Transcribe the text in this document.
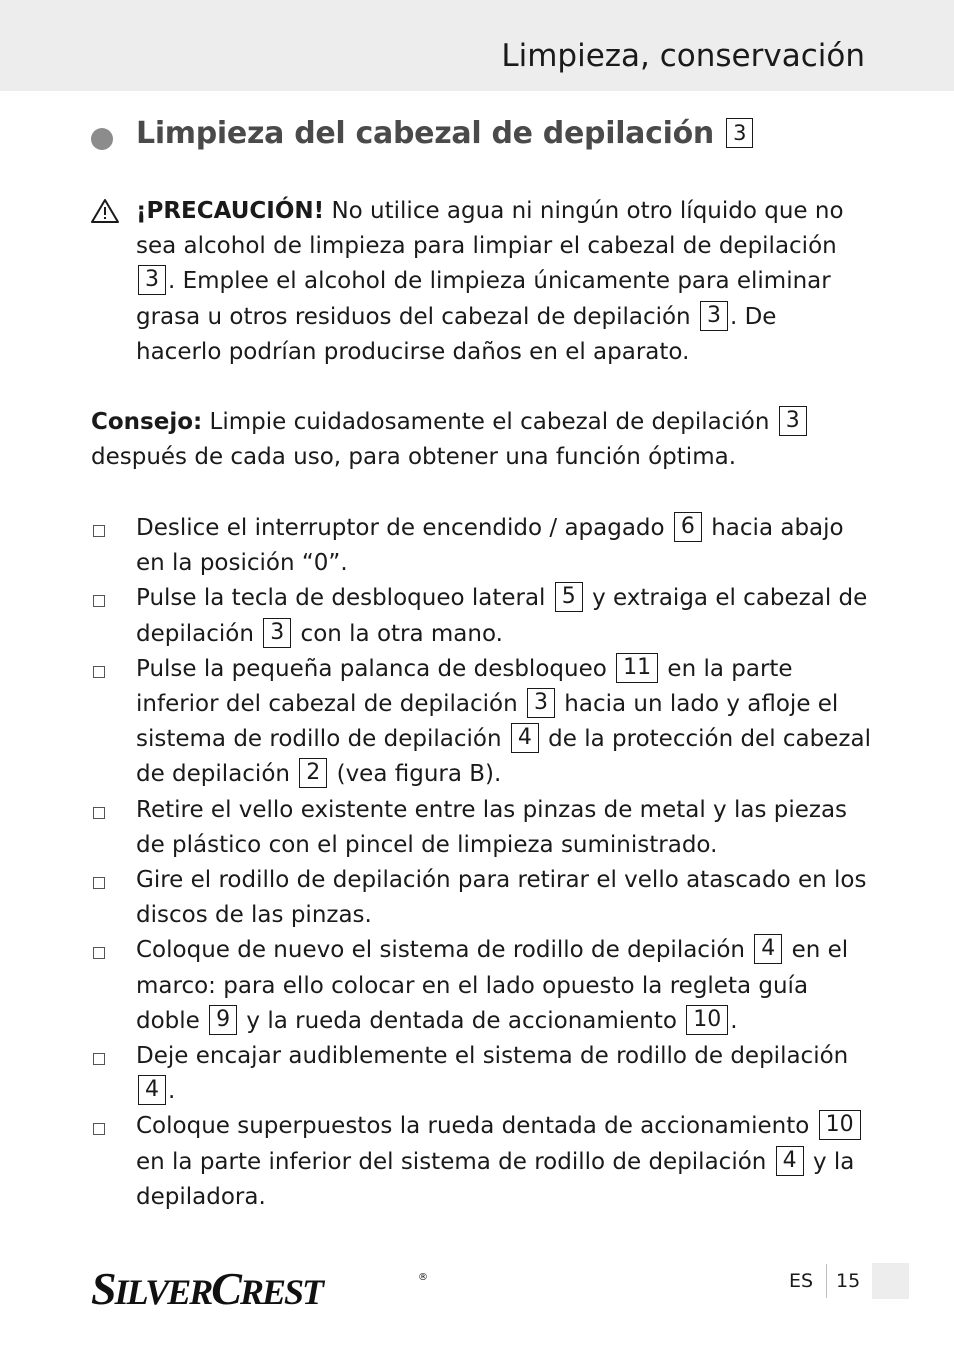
Limpieza, conservación
Limpieza del cabezal de depilación 3
¡PRECAUCIÓN! No utilice agua ni ningún otro líquido que no sea alcohol de limpieza para limpiar el cabezal de depilación 3 . Emplee el alcohol de limpieza únicamente para eliminar grasa u otros residuos del cabezal de depilación 3 . De hacerlo podrían producirse daños en el aparato.
Consejo: Limpie cuidadosamente el cabezal de depilación 3 después de cada uso, para obtener una función óptima.
Deslice el interruptor de encendido / apagado 6 hacia abajo en la posición “0”.
Pulse la tecla de desbloqueo lateral 5 y extraiga el cabezal de depilación 3 con la otra mano.
Pulse la pequeña palanca de desbloqueo 11 en la parte inferior del cabezal de depilación 3 hacia un lado y afloje el sistema de rodillo de depilación 4 de la protección del cabezal de depilación 2 (vea figura B).
Retire el vello existente entre las pinzas de metal y las piezas de plástico con el pincel de limpieza suministrado.
Gire el rodillo de depilación para retirar el vello atascado en los discos de las pinzas.
Coloque de nuevo el sistema de rodillo de depilación 4 en el marco: para ello colocar en el lado opuesto la regleta guía doble 9 y la rueda dentada de accionamiento 10 .
Deje encajar audiblemente el sistema de rodillo de depilación 4 .
Coloque superpuestos la rueda dentada de accionamiento 10 en la parte inferior del sistema de rodillo de depilación 4 y la depiladora.
SILVERCREST	®	ES 15
